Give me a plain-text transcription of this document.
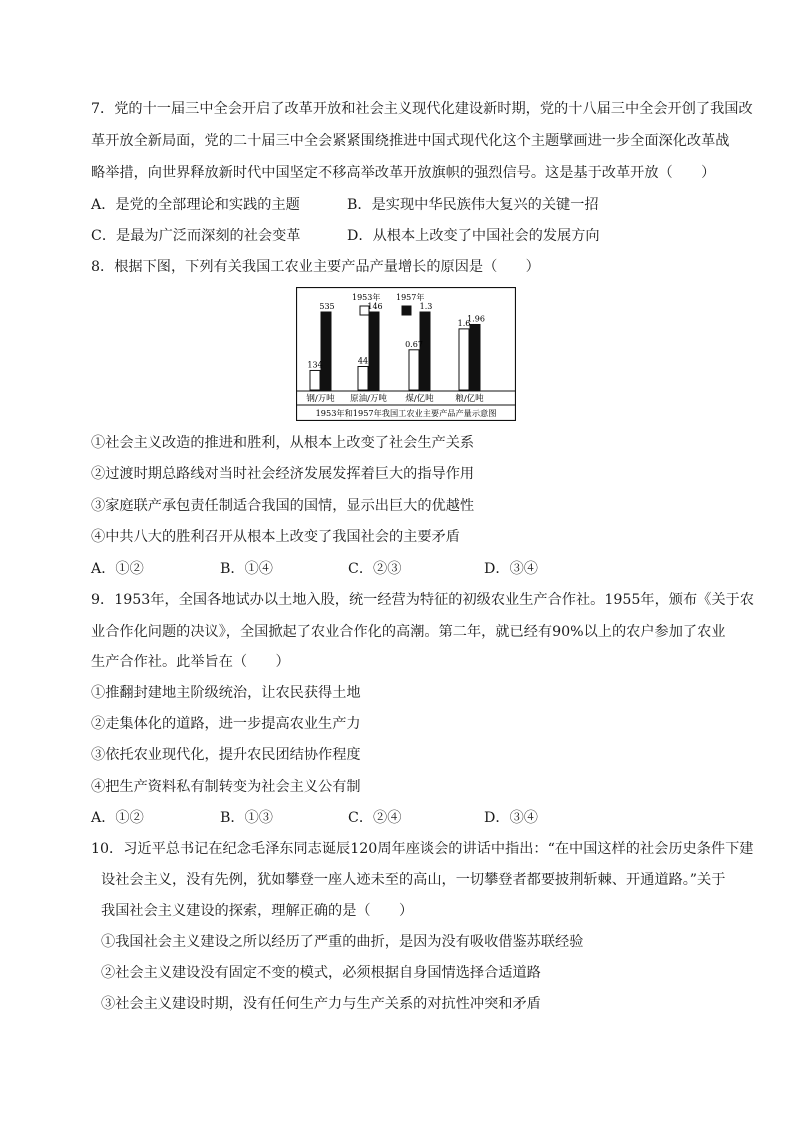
7．党的十一届三中全会开启了改革开放和社会主义现代化建设新时期，党的十八届三中全会开创了我国改
革开放全新局面，党的二十届三中全会紧紧围绕推进中国式现代化这个主题擘画进一步全面深化改革战
略举措，向世界释放新时代中国坚定不移高举改革开放旗帜的强烈信号。这是基于改革开放（　　）
A．是党的全部理论和实践的主题	B．是实现中华民族伟大复兴的关键一招
C．是最为广泛而深刻的社会变革	D．从根本上改变了中国社会的发展方向
8．根据下图，下列有关我国工农业主要产品产量增长的原因是（　　）
1953年 1957年
134
535
钢/万吨
44
146
原油/万吨
0.67
1.3
煤/亿吨
1.6
1.96
粮/亿吨
1953年和1957年我国工农业主要产品产量示意图
①社会主义改造的推进和胜利，从根本上改变了社会生产关系
②过渡时期总路线对当时社会经济发展发挥着巨大的指导作用
③家庭联产承包责任制适合我国的国情，显示出巨大的优越性
④中共八大的胜利召开从根本上改变了我国社会的主要矛盾
A．①②	B．①④	C．②③	D．③④
9．1953年，全国各地试办以土地入股，统一经营为特征的初级农业生产合作社。1955年，颁布《关于农
业合作化问题的决议》，全国掀起了农业合作化的高潮。第二年，就已经有90%以上的农户参加了农业
生产合作社。此举旨在（　　）
①推翻封建地主阶级统治，让农民获得土地
②走集体化的道路，进一步提高农业生产力
③依托农业现代化，提升农民团结协作程度
④把生产资料私有制转变为社会主义公有制
A．①②	B．①③	C．②④	D．③④
10．习近平总书记在纪念毛泽东同志诞辰120周年座谈会的讲话中指出：“在中国这样的社会历史条件下建
设社会主义，没有先例，犹如攀登一座人迹未至的高山，一切攀登者都要披荆斩棘、开通道路。”关于
我国社会主义建设的探索，理解正确的是（　　）
①我国社会主义建设之所以经历了严重的曲折，是因为没有吸收借鉴苏联经验
②社会主义建设没有固定不变的模式，必须根据自身国情选择合适道路
③社会主义建设时期，没有任何生产力与生产关系的对抗性冲突和矛盾
